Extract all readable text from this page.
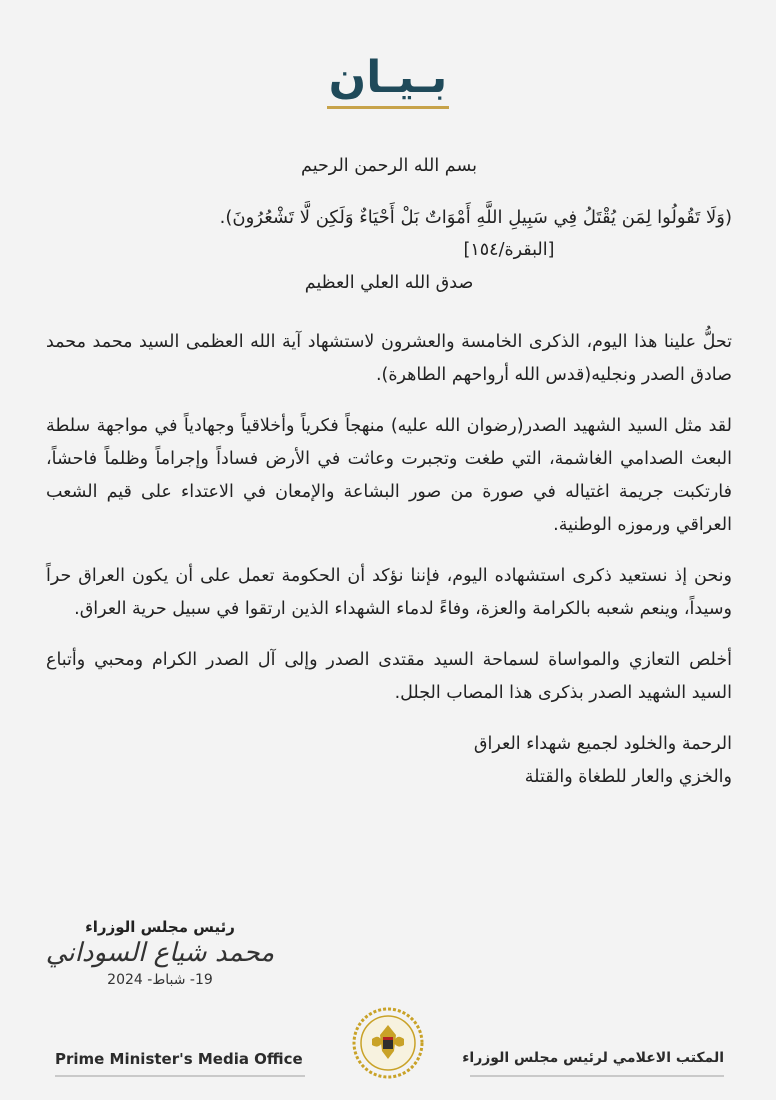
بـيـان

بسم الله الرحمن الرحيم

(وَلَا تَقُولُوا لِمَن يُقْتَلُ فِي سَبِيلِ اللَّهِ أَمْوَاتٌ بَلْ أَحْيَاءٌ وَلَكِن لَّا تَشْعُرُونَ).

[البقرة/١٥٤]

صدق الله العلي العظيم

تحلُّ علينا هذا اليوم، الذكرى الخامسة والعشرون لاستشهاد آية الله العظمى السيد محمد محمد صادق الصدر ونجليه(قدس الله أرواحهم الطاهرة).

لقد مثل السيد الشهيد الصدر(رضوان الله عليه) منهجاً فكرياً وأخلاقياً وجهادياً في مواجهة سلطة البعث الصدامي الغاشمة، التي طغت وتجبرت وعاثت في الأرض فساداً وإجراماً وظلماً فاحشاً، فارتكبت جريمة اغتياله في صورة من صور البشاعة والإمعان في الاعتداء على قيم الشعب العراقي ورموزه الوطنية.

ونحن إذ نستعيد ذكرى استشهاده اليوم، فإننا نؤكد أن الحكومة تعمل على أن يكون العراق حراً وسيداً، وينعم شعبه بالكرامة والعزة، وفاءً لدماء الشهداء الذين ارتقوا في سبيل حرية العراق.

أخلص التعازي والمواساة لسماحة السيد مقتدى الصدر وإلى آل الصدر الكرام ومحبي وأتباع السيد الشهيد الصدر بذكرى هذا المصاب الجلل.

الرحمة والخلود لجميع شهداء العراق

والخزي والعار للطغاة والقتلة

رئيس مجلس الوزراء
محمد شياع السوداني
19- شباط- 2024
Prime Minister's Media Office	المكتب الاعلامي لرئيس مجلس الوزراء
